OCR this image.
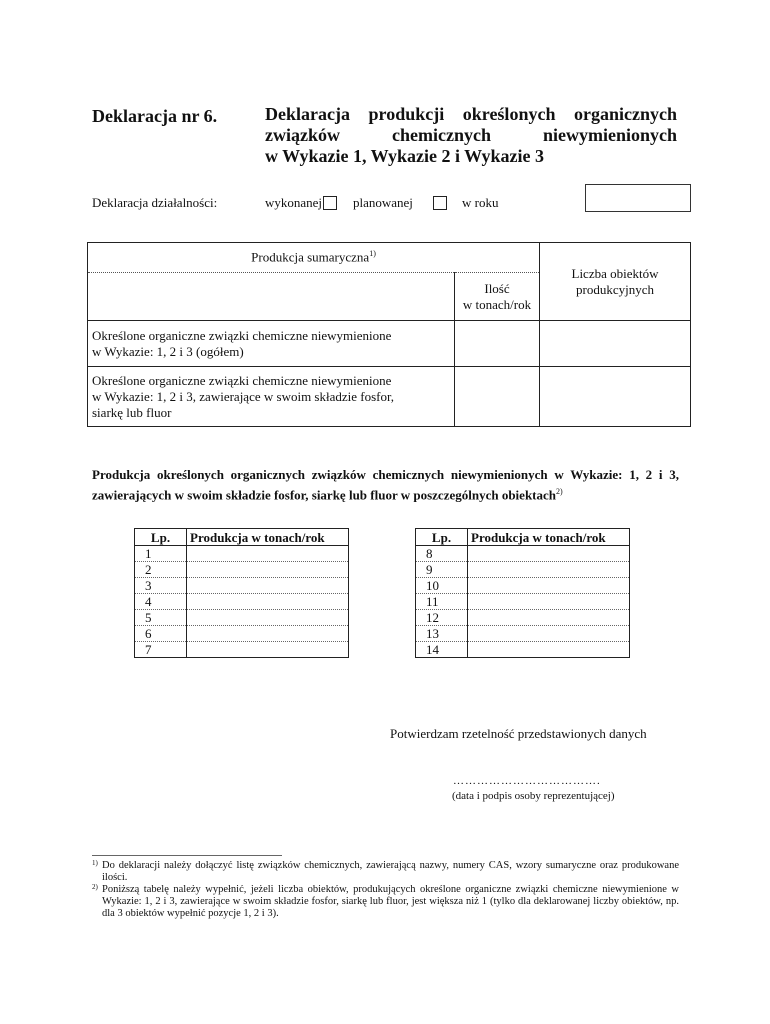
Deklaracja nr 6.	Deklaracja produkcji określonych organicznych
związków chemicznych niewymienionych
w Wykazie 1, Wykazie 2 i Wykazie 3
Deklaracja działalności:	wykonanej planowanej	w roku
Produkcja sumaryczna$^{1)}$		Liczba obiektów
produkcyjnych

	Ilość
w tonach/rok	

Określone organiczne związki chemiczne niewymienione
w Wykazie: 1, 2 i 3 (ogółem)		

Określone organiczne związki chemiczne niewymienione
w Wykazie: 1, 2 i 3, zawierające w swoim składzie fosfor,
siarkę lub fluor		

Produkcja określonych organicznych związków chemicznych niewymienionych w Wykazie: 1, 2 i 3, zawierających w swoim składzie fosfor, siarkę lub fluor w poszczególnych obiektach$^{2)}$
Lp.	Produkcja w tonach/rok
1	
2	
3	
4	
5	
6	
7	
Lp.	Produkcja w tonach/rok
8	
9	
10	
11	
12	
13	
14	
Potwierdzam rzetelność przedstawionych danych
……………………………….
(data i podpis osoby reprezentującej)
1) Do deklaracji należy dołączyć listę związków chemicznych, zawierającą nazwy, numery CAS, wzory sumaryczne oraz produkowane ilości.
2) Poniższą tabelę należy wypełnić, jeżeli liczba obiektów, produkujących określone organiczne związki chemiczne niewymienione w Wykazie: 1, 2 i 3, zawierające w swoim składzie fosfor, siarkę lub fluor, jest większa niż 1 (tylko dla deklarowanej liczby obiektów, np. dla 3 obiektów wypełnić pozycje 1, 2 i 3).
